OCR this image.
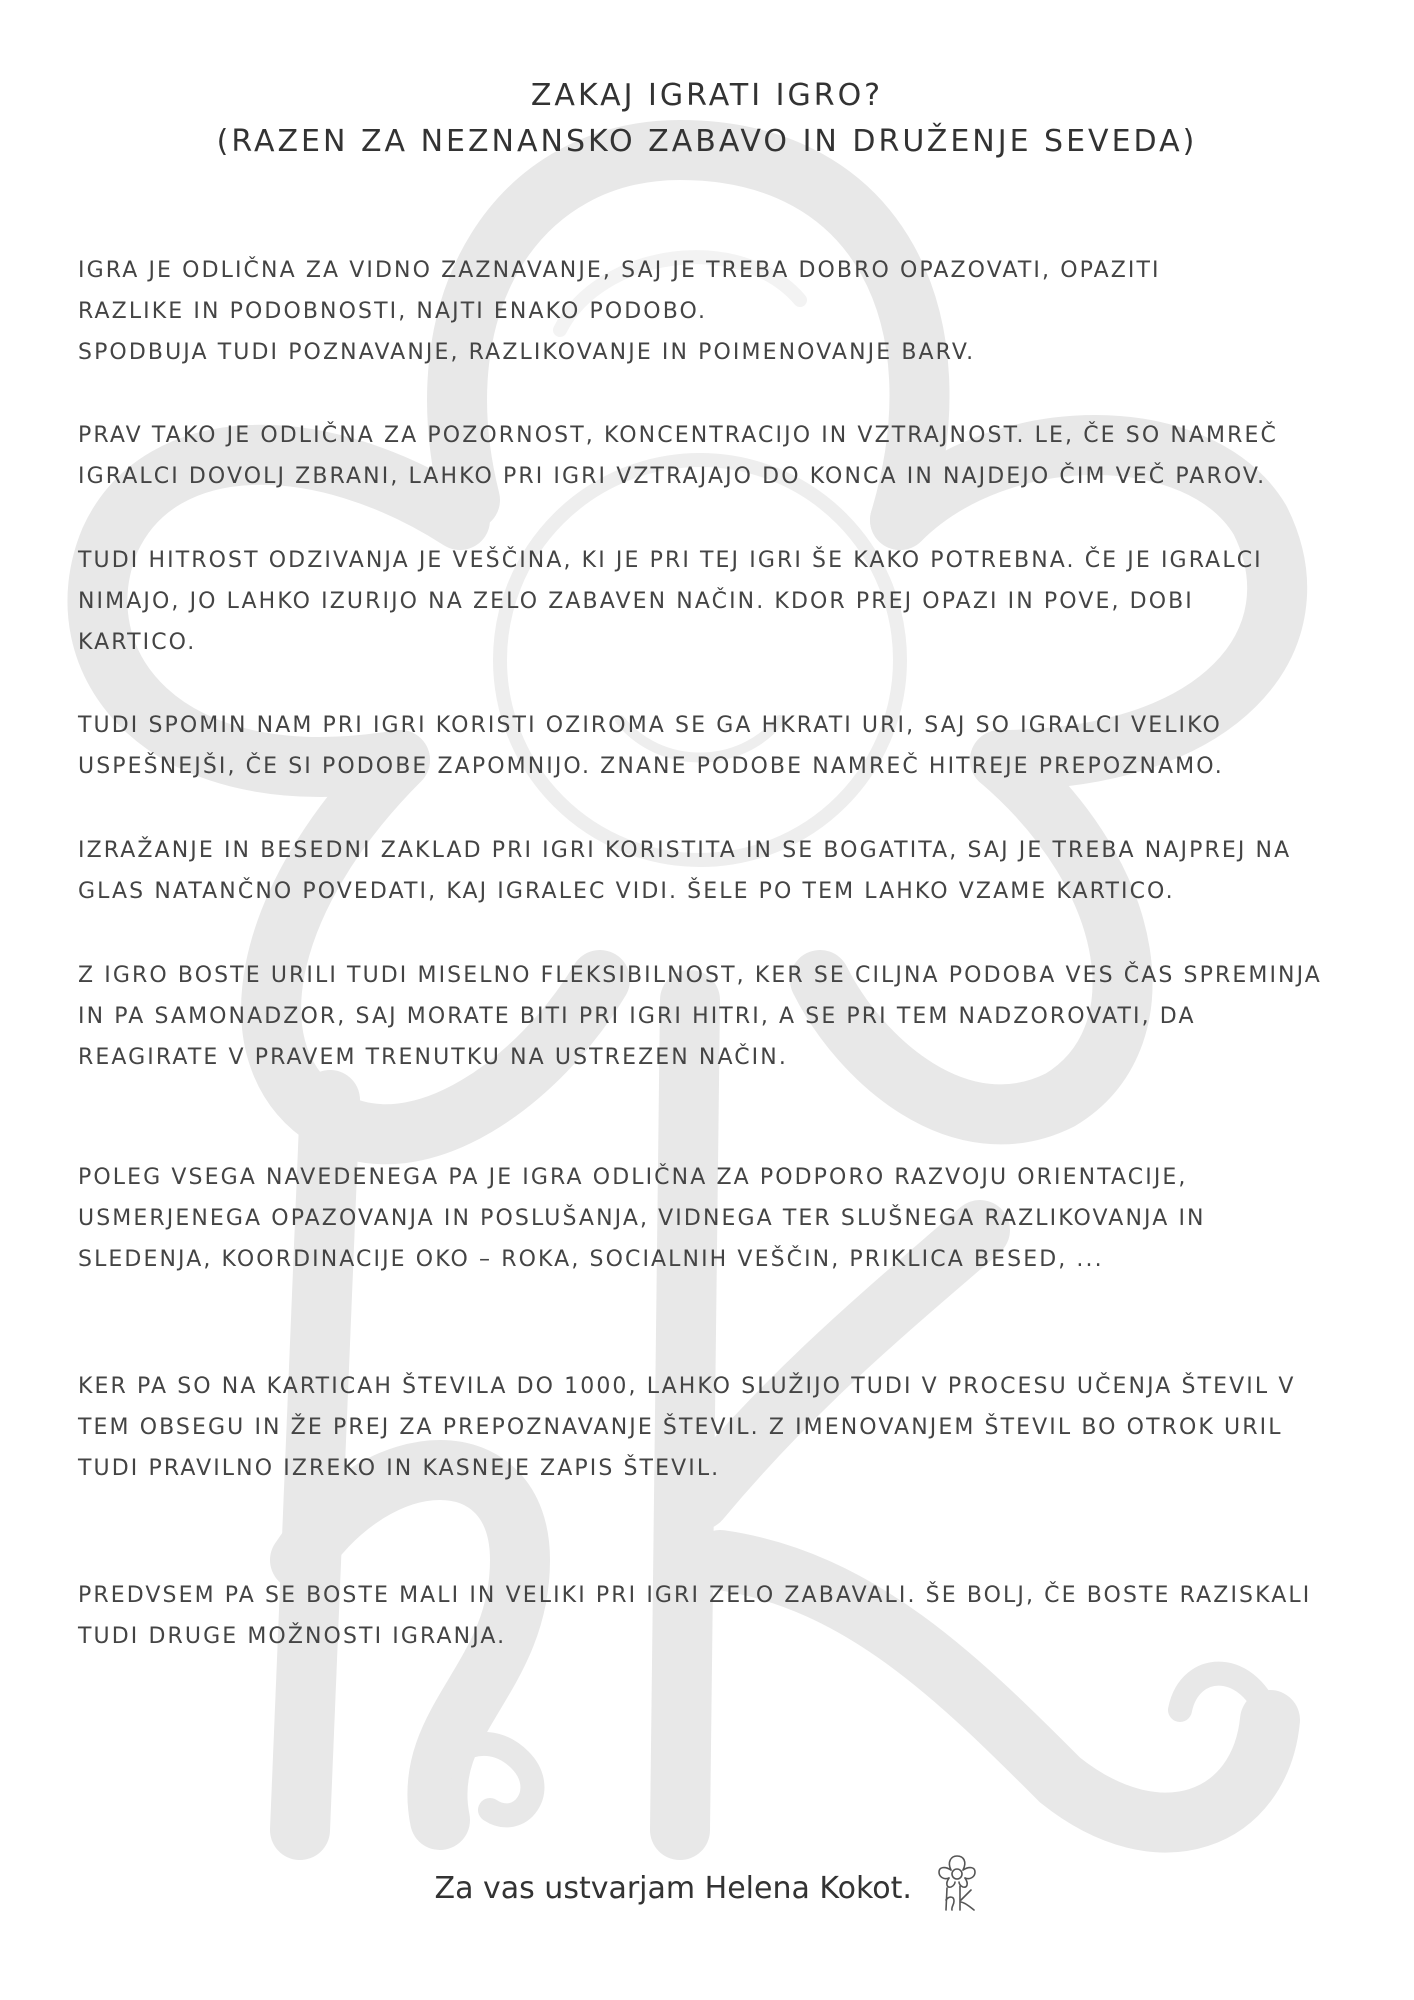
ZAKAJ IGRATI IGRO?
(RAZEN ZA NEZNANSKO ZABAVO IN DRUŽENJE SEVEDA)
IGRA JE ODLIČNA ZA VIDNO ZAZNAVANJE, SAJ JE TREBA DOBRO OPAZOVATI, OPAZITI
RAZLIKE IN PODOBNOSTI, NAJTI ENAKO PODOBO.
SPODBUJA TUDI POZNAVANJE, RAZLIKOVANJE IN POIMENOVANJE BARV.
PRAV TAKO JE ODLIČNA ZA POZORNOST, KONCENTRACIJO IN VZTRAJNOST. LE, ČE SO NAMREČ
IGRALCI DOVOLJ ZBRANI, LAHKO PRI IGRI VZTRAJAJO DO KONCA IN NAJDEJO ČIM VEČ PAROV.
TUDI HITROST ODZIVANJA JE VEŠČINA, KI JE PRI TEJ IGRI ŠE KAKO POTREBNA. ČE JE IGRALCI
NIMAJO, JO LAHKO IZURIJO NA ZELO ZABAVEN NAČIN. KDOR PREJ OPAZI IN POVE, DOBI
KARTICO.
TUDI SPOMIN NAM PRI IGRI KORISTI OZIROMA SE GA HKRATI URI, SAJ SO IGRALCI VELIKO
USPEŠNEJŠI, ČE SI PODOBE ZAPOMNIJO. ZNANE PODOBE NAMREČ HITREJE PREPOZNAMO.
IZRAŽANJE IN BESEDNI ZAKLAD PRI IGRI KORISTITA IN SE BOGATITA, SAJ JE TREBA NAJPREJ NA
GLAS NATANČNO POVEDATI, KAJ IGRALEC VIDI. ŠELE PO TEM LAHKO VZAME KARTICO.
Z IGRO BOSTE URILI TUDI MISELNO FLEKSIBILNOST, KER SE CILJNA PODOBA VES ČAS SPREMINJA
IN PA SAMONADZOR, SAJ MORATE BITI PRI IGRI HITRI, A SE PRI TEM NADZOROVATI, DA
REAGIRATE V PRAVEM TRENUTKU NA USTREZEN NAČIN.
POLEG VSEGA NAVEDENEGA PA JE IGRA ODLIČNA ZA PODPORO RAZVOJU ORIENTACIJE,
USMERJENEGA OPAZOVANJA IN POSLUŠANJA, VIDNEGA TER SLUŠNEGA RAZLIKOVANJA IN
SLEDENJA, KOORDINACIJE OKO – ROKA, SOCIALNIH VEŠČIN, PRIKLICA BESED, ...
KER PA SO NA KARTICAH ŠTEVILA DO 1000, LAHKO SLUŽIJO TUDI V PROCESU UČENJA ŠTEVIL V
TEM OBSEGU IN ŽE PREJ ZA PREPOZNAVANJE ŠTEVIL. Z IMENOVANJEM ŠTEVIL BO OTROK URIL
TUDI PRAVILNO IZREKO IN KASNEJE ZAPIS ŠTEVIL.
PREDVSEM PA SE BOSTE MALI IN VELIKI PRI IGRI ZELO ZABAVALI. ŠE BOLJ, ČE BOSTE RAZISKALI
TUDI DRUGE MOŽNOSTI IGRANJA.
Za vas ustvarjam Helena Kokot.
